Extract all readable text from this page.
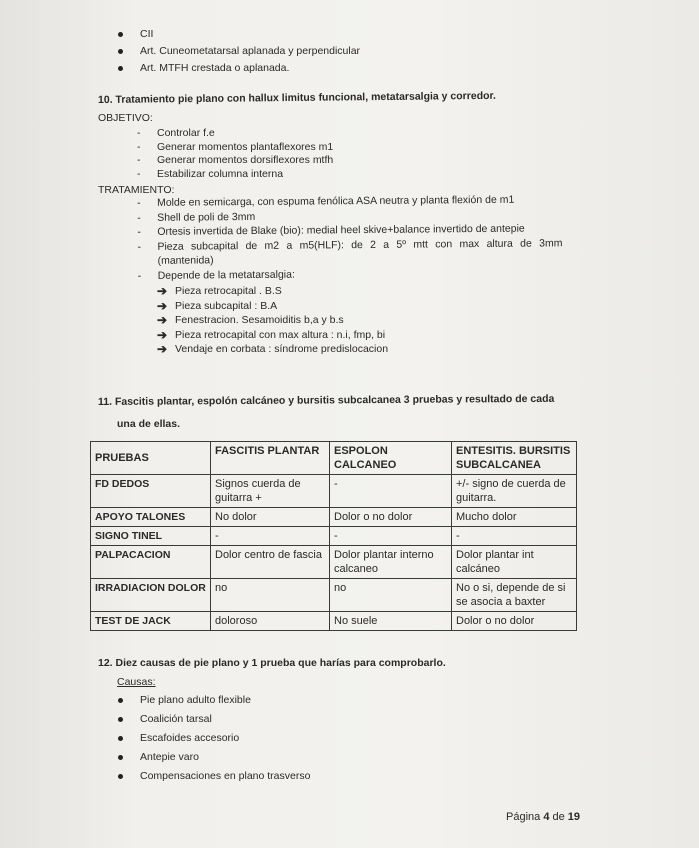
CII
Art. Cuneometatarsal aplanada y perpendicular
Art. MTFH crestada o aplanada.
10. Tratamiento pie plano con hallux limitus funcional, metatarsalgia y corredor.
OBJETIVO:
- Controlar f.e
- Generar momentos plantaflexores m1
- Generar momentos dorsiflexores mtfh
- Estabilizar columna interna
TRATAMIENTO:
- Molde en semicarga, con espuma fenólica ASA neutra y planta flexión de m1
- Shell de poli de 3mm
- Ortesis invertida de Blake (bio): medial heel skive+balance invertido de antepie
- Pieza subcapital de m2 a m5(HLF): de 2 a 5º mtt con max altura de 3mm
(mantenida)
- Depende de la metatarsalgia:
➔ Pieza retrocapital . B.S
➔ Pieza subcapital : B.A
➔ Fenestracion. Sesamoiditis b,a y b.s
➔ Pieza retrocapital con max altura : n.i, fmp, bi
➔ Vendaje en corbata : síndrome predislocacion
11. Fascitis plantar, espolón calcáneo y bursitis subcalcanea 3 pruebas y resultado de cada
una de ellas.
PRUEBAS	FASCITIS PLANTAR	ESPOLON CALCANEO	ENTESITIS. BURSITIS SUBCALCANEA
FD DEDOS	Signos cuerda de guitarra +	-	+/- signo de cuerda de guitarra.
APOYO TALONES	No dolor	Dolor o no dolor	Mucho dolor
SIGNO TINEL	-	-	-
PALPACACION	Dolor centro de fascia	Dolor plantar interno calcaneo	Dolor plantar int calcáneo
IRRADIACION DOLOR	no	no	No o si, depende de si se asocia a baxter
TEST DE JACK	doloroso	No suele	Dolor o no dolor
12. Diez causas de pie plano y 1 prueba que harías para comprobarlo.
Causas:
Pie plano adulto flexible
Coalición tarsal
Escafoides accesorio
Antepie varo
Compensaciones en plano trasverso
Página 4 de 19
